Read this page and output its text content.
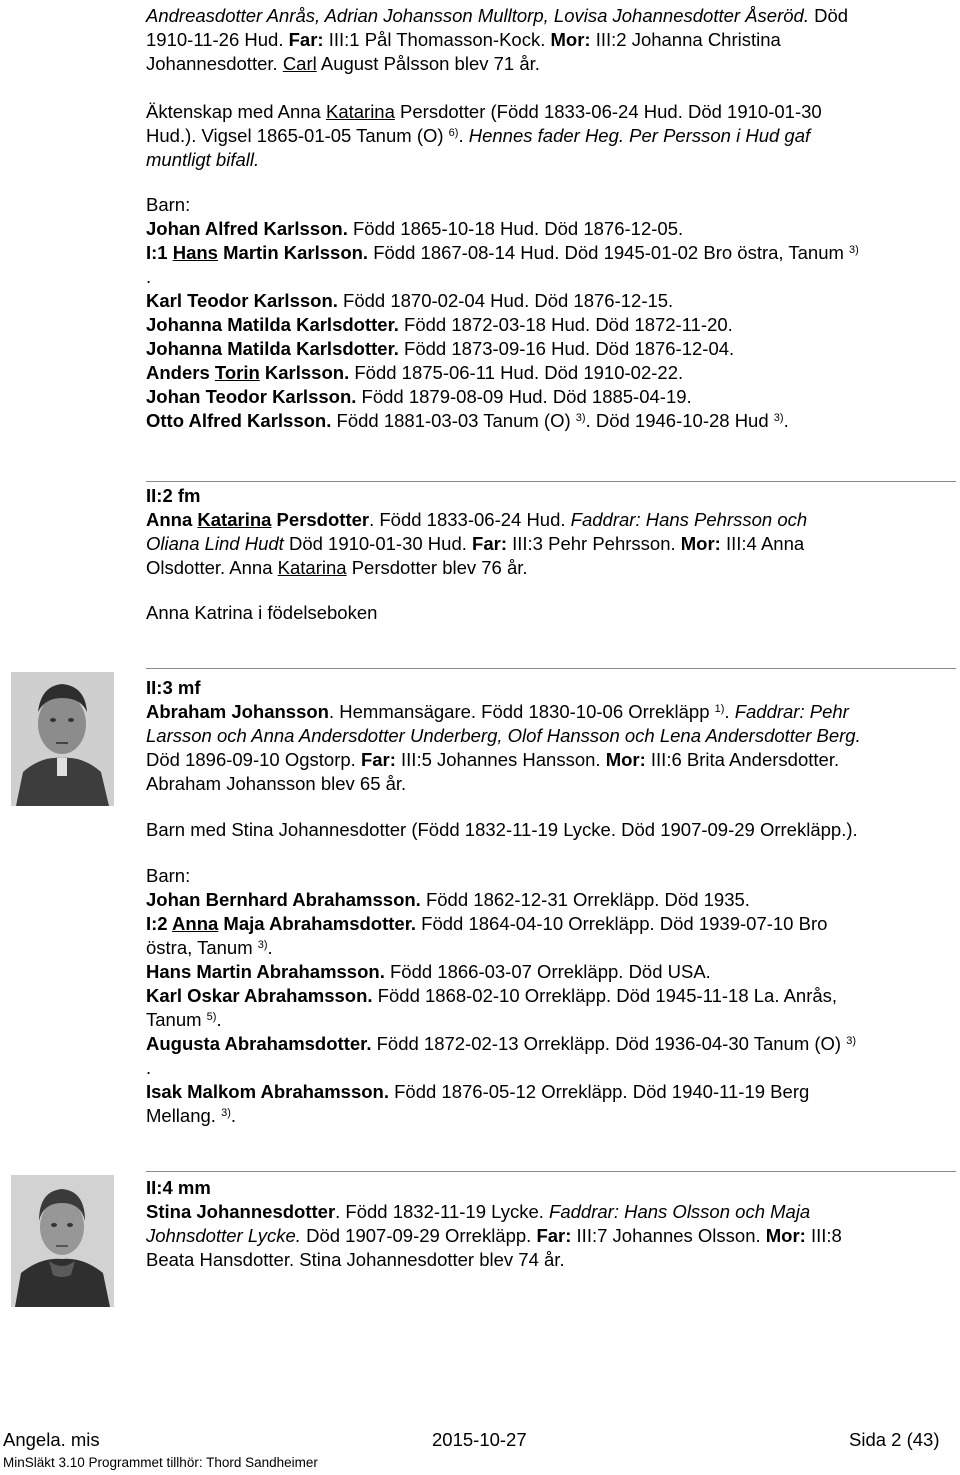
Andreasdotter Anrås, Adrian Johansson Mulltorp, Lovisa Johannesdotter Åseröd. Död

1910-11-26 Hud. Far: III:1 Pål Thomasson-Kock. Mor: III:2 Johanna Christina

Johannesdotter. Carl August Pålsson blev 71 år.

Äktenskap med Anna Katarina Persdotter (Född 1833-06-24 Hud. Död 1910-01-30

Hud.). Vigsel 1865-01-05 Tanum (O) $^{6)}$. Hennes fader Heg. Per Persson i Hud gaf

muntligt bifall.

Barn:

Johan Alfred Karlsson. Född 1865-10-18 Hud. Död 1876-12-05.

I:1 Hans Martin Karlsson. Född 1867-08-14 Hud. Död 1945-01-02 Bro östra, Tanum $^{3)}$

.

Karl Teodor Karlsson. Född 1870-02-04 Hud. Död 1876-12-15.

Johanna Matilda Karlsdotter. Född 1872-03-18 Hud. Död 1872-11-20.

Johanna Matilda Karlsdotter. Född 1873-09-16 Hud. Död 1876-12-04.

Anders Torin Karlsson. Född 1875-06-11 Hud. Död 1910-02-22.

Johan Teodor Karlsson. Född 1879-08-09 Hud. Död 1885-04-19.

Otto Alfred Karlsson. Född 1881-03-03 Tanum (O) $^{3)}$. Död 1946-10-28 Hud $^{3)}$.

II:2 fm

Anna Katarina Persdotter. Född 1833-06-24 Hud. Faddrar: Hans Pehrsson och

Oliana Lind Hudt Död 1910-01-30 Hud. Far: III:3 Pehr Pehrsson. Mor: III:4 Anna

Olsdotter. Anna Katarina Persdotter blev 76 år.

Anna Katrina i födelseboken

II:3 mf

Abraham Johansson. Hemmansägare. Född 1830-10-06 Orrekläpp $^{1)}$. Faddrar: Pehr

Larsson och Anna Andersdotter Underberg, Olof Hansson och Lena Andersdotter Berg.

Död 1896-09-10 Ogstorp. Far: III:5 Johannes Hansson. Mor: III:6 Brita Andersdotter.

Abraham Johansson blev 65 år.

Barn med Stina Johannesdotter (Född 1832-11-19 Lycke. Död 1907-09-29 Orrekläpp.).

Barn:

Johan Bernhard Abrahamsson. Född 1862-12-31 Orrekläpp. Död 1935.

I:2 Anna Maja Abrahamsdotter. Född 1864-04-10 Orrekläpp. Död 1939-07-10 Bro

östra, Tanum $^{3)}$.

Hans Martin Abrahamsson. Född 1866-03-07 Orrekläpp. Död USA.

Karl Oskar Abrahamsson. Född 1868-02-10 Orrekläpp. Död 1945-11-18 La. Anrås,

Tanum $^{5)}$.

Augusta Abrahamsdotter. Född 1872-02-13 Orrekläpp. Död 1936-04-30 Tanum (O) $^{3)}$

.

Isak Malkom Abrahamsson. Född 1876-05-12 Orrekläpp. Död 1940-11-19 Berg

Mellang. $^{3)}$.

II:4 mm

Stina Johannesdotter. Född 1832-11-19 Lycke. Faddrar: Hans Olsson och Maja

Johnsdotter Lycke. Död 1907-09-29 Orrekläpp. Far: III:7 Johannes Olsson. Mor: III:8

Beata Hansdotter. Stina Johannesdotter blev 74 år.

Angela. mis	2015-10-27	Sida 2 (43)
MinSläkt 3.10 Programmet tillhör: Thord Sandheimer
